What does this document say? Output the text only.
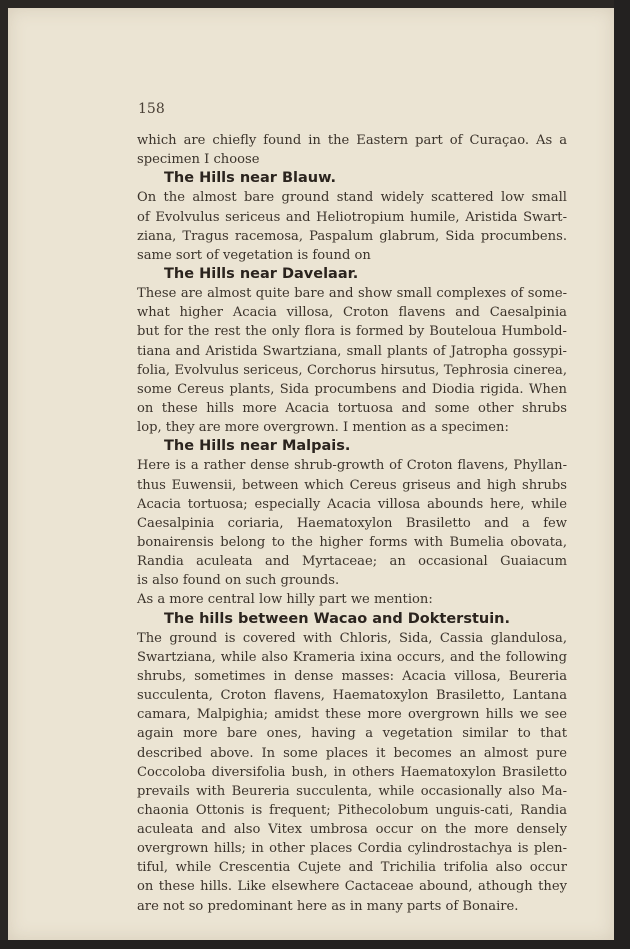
158
which are chiefly found in the Eastern part of Curaçao. As a
specimen I choose
The Hills near Blauw.
On the almost bare ground stand widely scattered low small
of Evolvulus sericeus and Heliotropium humile, Aristida Swart-
ziana, Tragus racemosa, Paspalum glabrum, Sida procumbens.
same sort of vegetation is found on
The Hills near Davelaar.
These are almost quite bare and show small complexes of some-
what higher Acacia villosa, Croton flavens and Caesalpinia
but for the rest the only flora is formed by Bouteloua Humbold-
tiana and Aristida Swartziana, small plants of Jatropha gossypi-
folia, Evolvulus sericeus, Corchorus hirsutus, Tephrosia cinerea,
some Cereus plants, Sida procumbens and Diodia rigida. When
on these hills more Acacia tortuosa and some other shrubs
lop, they are more overgrown. I mention as a specimen:
The Hills near Malpais.
Here is a rather dense shrub-growth of Croton flavens, Phyllan-
thus Euwensii, between which Cereus griseus and high shrubs
Acacia tortuosa; especially Acacia villosa abounds here, while
Caesalpinia coriaria, Haematoxylon Brasiletto and a few
bonairensis belong to the higher forms with Bumelia obovata,
Randia aculeata and Myrtaceae; an occasional Guaiacum
is also found on such grounds.
As a more central low hilly part we mention:
The hills between Wacao and Dokterstuin.
The ground is covered with Chloris, Sida, Cassia glandulosa,
Swartziana, while also Krameria ixina occurs, and the following
shrubs, sometimes in dense masses: Acacia villosa, Beureria
succulenta, Croton flavens, Haematoxylon Brasiletto, Lantana
camara, Malpighia; amidst these more overgrown hills we see
again more bare ones, having a vegetation similar to that
described above. In some places it becomes an almost pure
Coccoloba diversifolia bush, in others Haematoxylon Brasiletto
prevails with Beureria succulenta, while occasionally also Ma-
chaonia Ottonis is frequent; Pithecolobum unguis-cati, Randia
aculeata and also Vitex umbrosa occur on the more densely
overgrown hills; in other places Cordia cylindrostachya is plen-
tiful, while Crescentia Cujete and Trichilia trifolia also occur
on these hills. Like elsewhere Cactaceae abound, athough they
are not so predominant here as in many parts of Bonaire.
